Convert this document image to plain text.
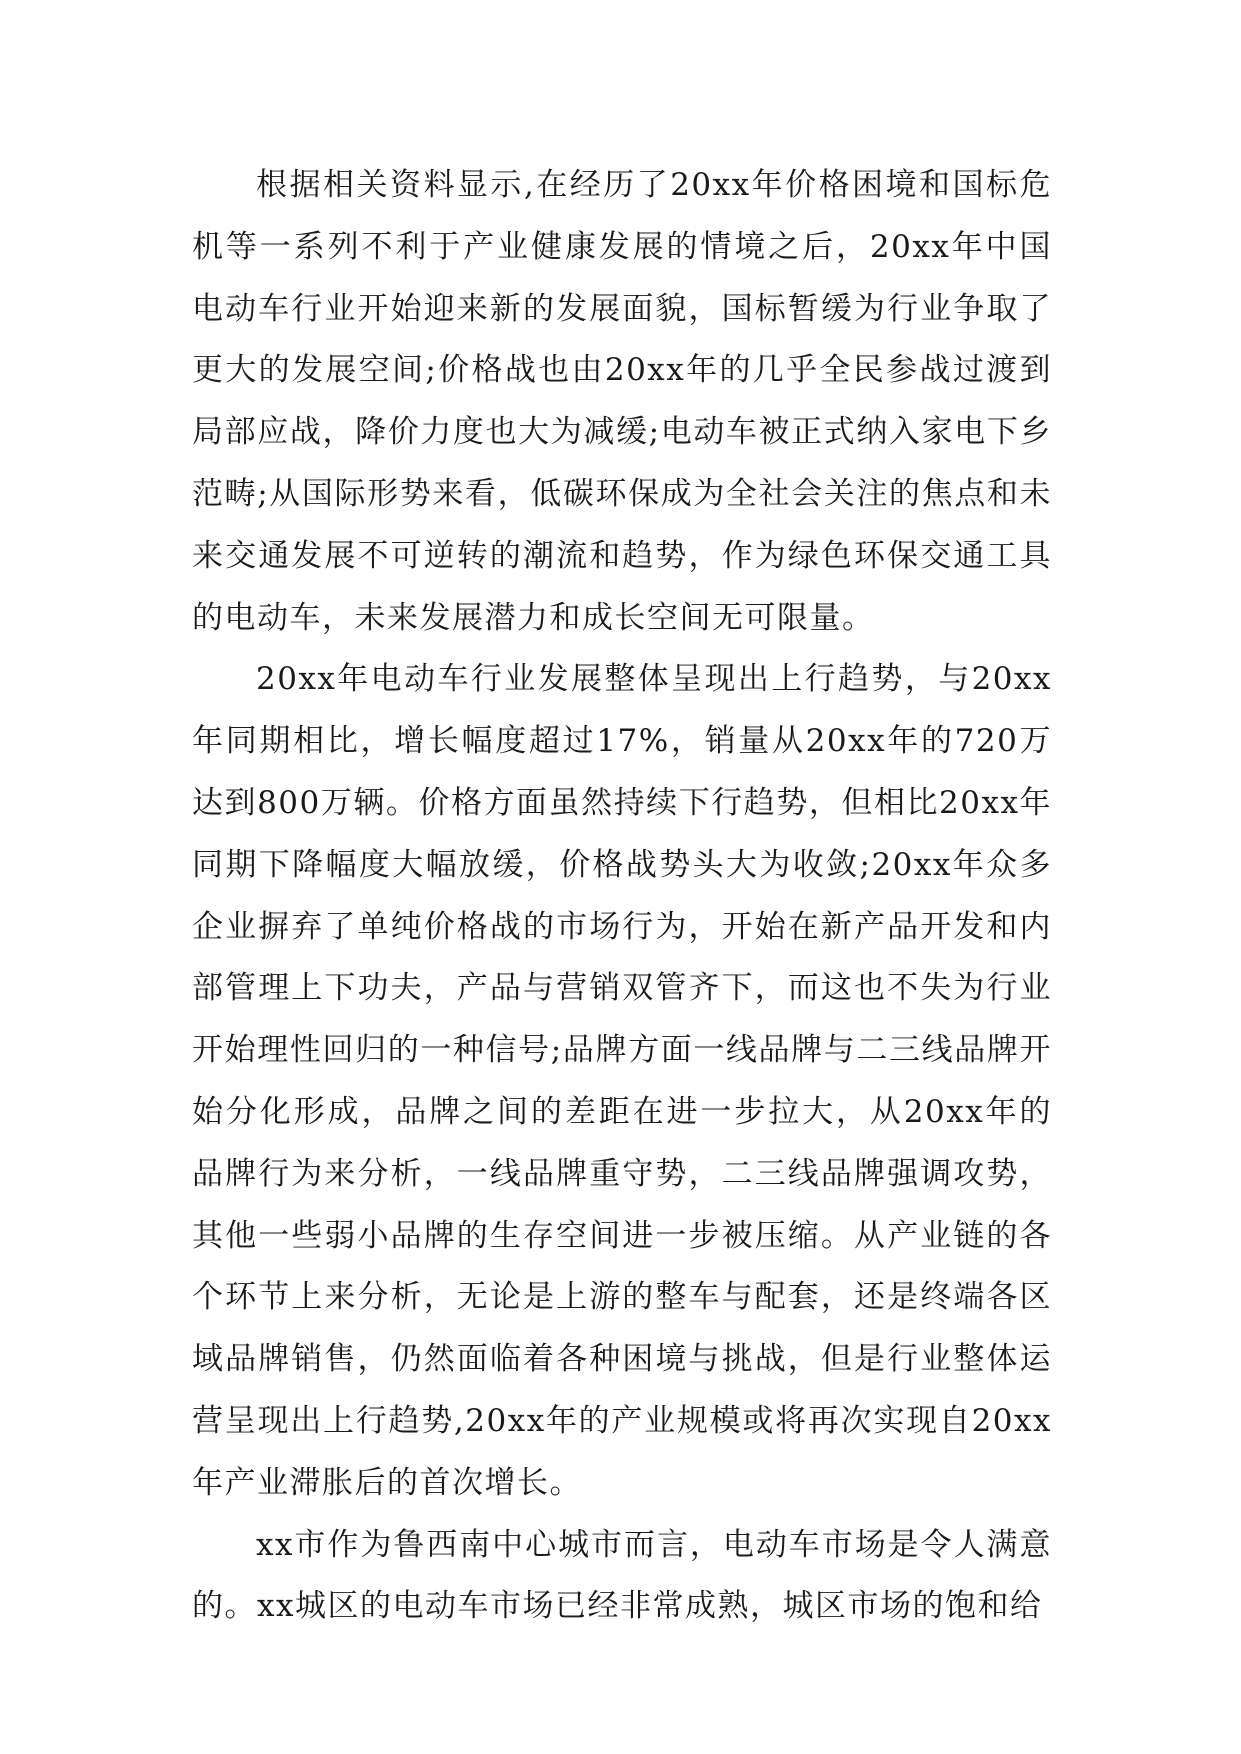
根据相关资料显示,在经历了20xx年价格困境和国标危机等一系列不利于产业健康发展的情境之后，20xx年中国电动车行业开始迎来新的发展面貌，国标暂缓为行业争取了更大的发展空间;价格战也由20xx年的几乎全民参战过渡到局部应战，降价力度也大为减缓;电动车被正式纳入家电下乡范畴;从国际形势来看，低碳环保成为全社会关注的焦点和未来交通发展不可逆转的潮流和趋势，作为绿色环保交通工具的电动车，未来发展潜力和成长空间无可限量。

20xx年电动车行业发展整体呈现出上行趋势，与20xx年同期相比，增长幅度超过17%，销量从20xx年的720万达到800万辆。价格方面虽然持续下行趋势，但相比20xx年同期下降幅度大幅放缓，价格战势头大为收敛;20xx年众多企业摒弃了单纯价格战的市场行为，开始在新产品开发和内部管理上下功夫，产品与营销双管齐下，而这也不失为行业开始理性回归的一种信号;品牌方面一线品牌与二三线品牌开始分化形成，品牌之间的差距在进一步拉大，从20xx年的品牌行为来分析，一线品牌重守势，二三线品牌强调攻势，其他一些弱小品牌的生存空间进一步被压缩。从产业链的各个环节上来分析，无论是上游的整车与配套，还是终端各区域品牌销售，仍然面临着各种困境与挑战，但是行业整体运营呈现出上行趋势,20xx年的产业规模或将再次实现自20xx年产业滞胀后的首次增长。

xx市作为鲁西南中心城市而言，电动车市场是令人满意的。xx城区的电动车市场已经非常成熟，城区市场的饱和给
